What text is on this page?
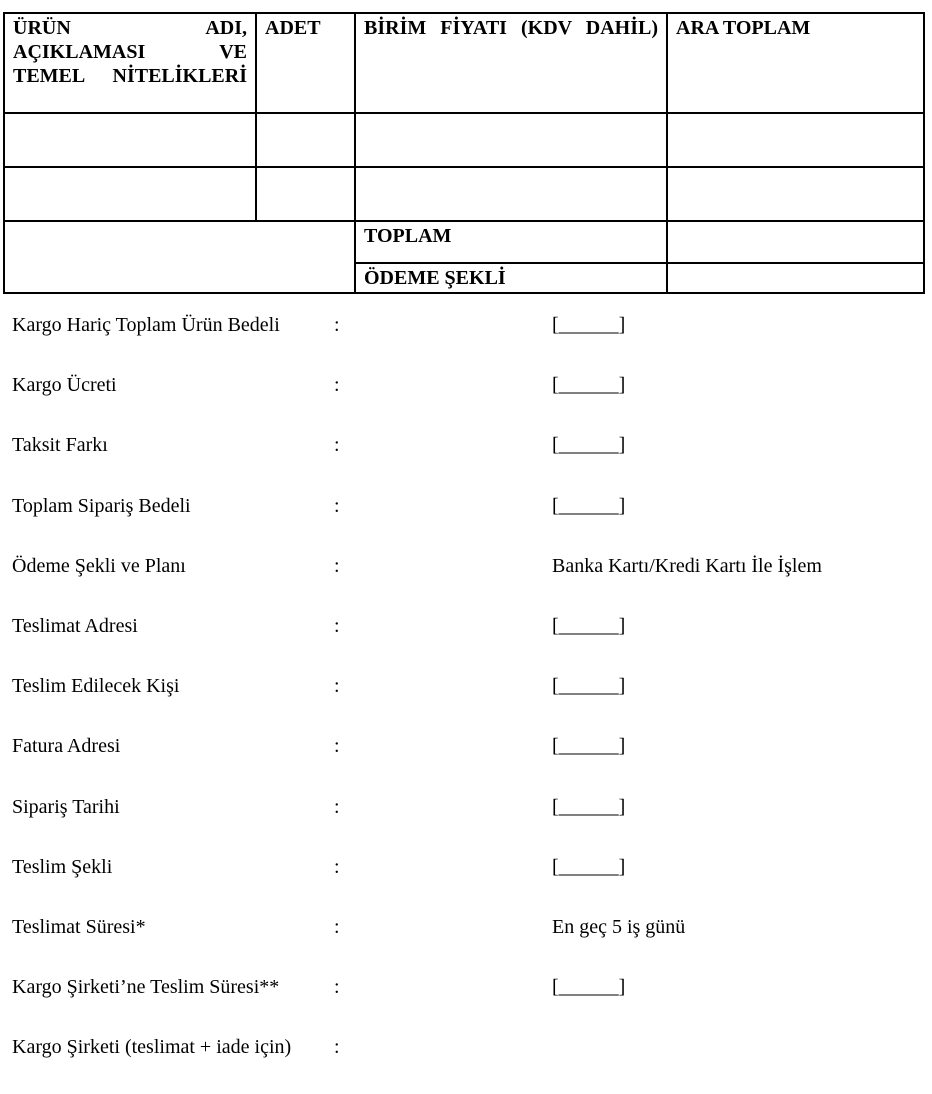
ÜRÜN ADI, AÇIKLAMASI VE TEMEL NİTELİKLERİ	ADET	BİRİM FİYATI (KDV DAHİL)	ARA TOPLAM

		TOPLAM	
		ÖDEME ŞEKLİ	
Kargo Hariç Toplam Ürün Bedeli	:	[______]
Kargo Ücreti	:	[______]
Taksit Farkı	:	[______]
Toplam Sipariş Bedeli	:	[______]
Ödeme Şekli ve Planı	:	Banka Kartı/Kredi Kartı İle İşlem
Teslimat Adresi	:	[______]
Teslim Edilecek Kişi	:	[______]
Fatura Adresi	:	[______]
Sipariş Tarihi	:	[______]
Teslim Şekli	:	[______]
Teslimat Süresi*	:	En geç 5 iş günü
Kargo Şirketi’ne Teslim Süresi**	:	[______]
Kargo Şirketi (teslimat + iade için) :
